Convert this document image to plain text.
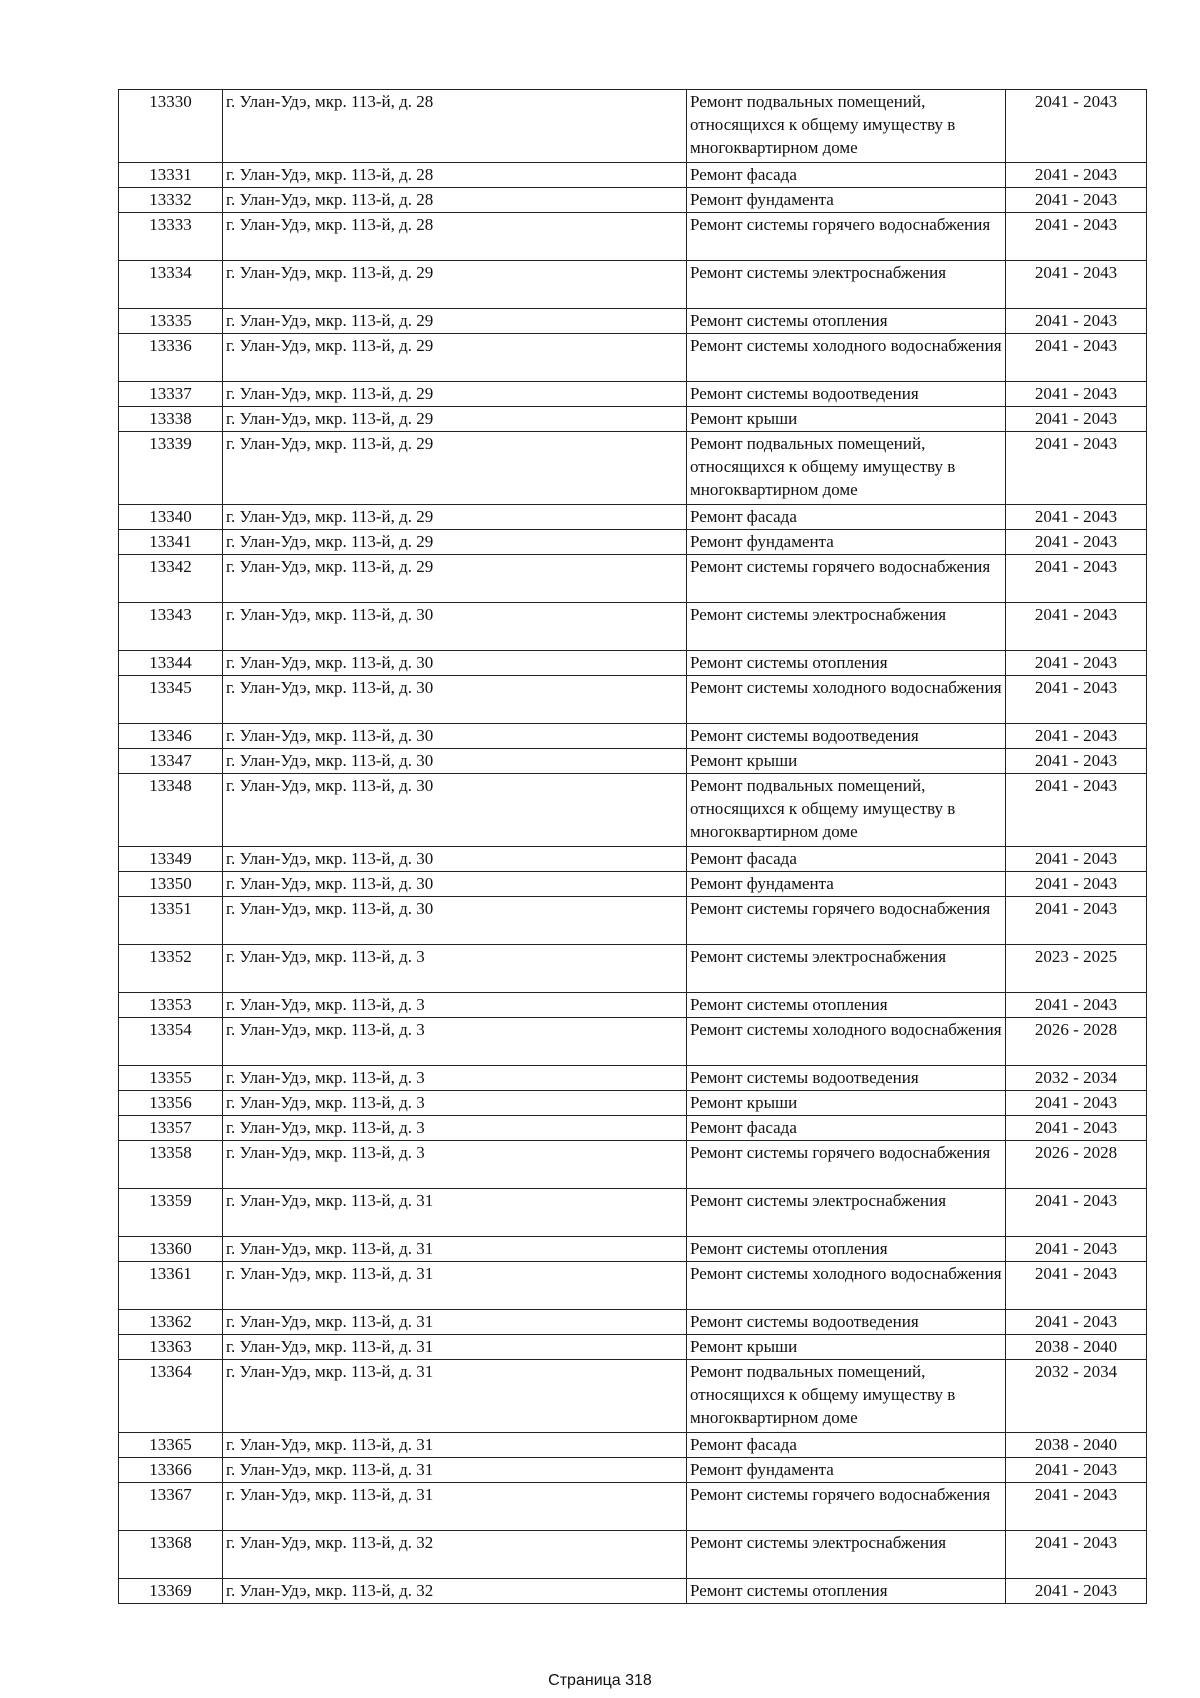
13330	г. Улан-Удэ, мкр. 113-й, д. 28	Ремонт подвальных помещений, относящихся к общему имуществу в многоквартирном доме	2041 - 2043
13331	г. Улан-Удэ, мкр. 113-й, д. 28	Ремонт фасада	2041 - 2043
13332	г. Улан-Удэ, мкр. 113-й, д. 28	Ремонт фундамента	2041 - 2043
13333	г. Улан-Удэ, мкр. 113-й, д. 28	Ремонт системы горячего водоснабжения	2041 - 2043
13334	г. Улан-Удэ, мкр. 113-й, д. 29	Ремонт системы электроснабжения	2041 - 2043
13335	г. Улан-Удэ, мкр. 113-й, д. 29	Ремонт системы отопления	2041 - 2043
13336	г. Улан-Удэ, мкр. 113-й, д. 29	Ремонт системы холодного водоснабжения	2041 - 2043
13337	г. Улан-Удэ, мкр. 113-й, д. 29	Ремонт системы водоотведения	2041 - 2043
13338	г. Улан-Удэ, мкр. 113-й, д. 29	Ремонт крыши	2041 - 2043
13339	г. Улан-Удэ, мкр. 113-й, д. 29	Ремонт подвальных помещений, относящихся к общему имуществу в многоквартирном доме	2041 - 2043
13340	г. Улан-Удэ, мкр. 113-й, д. 29	Ремонт фасада	2041 - 2043
13341	г. Улан-Удэ, мкр. 113-й, д. 29	Ремонт фундамента	2041 - 2043
13342	г. Улан-Удэ, мкр. 113-й, д. 29	Ремонт системы горячего водоснабжения	2041 - 2043
13343	г. Улан-Удэ, мкр. 113-й, д. 30	Ремонт системы электроснабжения	2041 - 2043
13344	г. Улан-Удэ, мкр. 113-й, д. 30	Ремонт системы отопления	2041 - 2043
13345	г. Улан-Удэ, мкр. 113-й, д. 30	Ремонт системы холодного водоснабжения	2041 - 2043
13346	г. Улан-Удэ, мкр. 113-й, д. 30	Ремонт системы водоотведения	2041 - 2043
13347	г. Улан-Удэ, мкр. 113-й, д. 30	Ремонт крыши	2041 - 2043
13348	г. Улан-Удэ, мкр. 113-й, д. 30	Ремонт подвальных помещений, относящихся к общему имуществу в многоквартирном доме	2041 - 2043
13349	г. Улан-Удэ, мкр. 113-й, д. 30	Ремонт фасада	2041 - 2043
13350	г. Улан-Удэ, мкр. 113-й, д. 30	Ремонт фундамента	2041 - 2043
13351	г. Улан-Удэ, мкр. 113-й, д. 30	Ремонт системы горячего водоснабжения	2041 - 2043
13352	г. Улан-Удэ, мкр. 113-й, д. 3	Ремонт системы электроснабжения	2023 - 2025
13353	г. Улан-Удэ, мкр. 113-й, д. 3	Ремонт системы отопления	2041 - 2043
13354	г. Улан-Удэ, мкр. 113-й, д. 3	Ремонт системы холодного водоснабжения	2026 - 2028
13355	г. Улан-Удэ, мкр. 113-й, д. 3	Ремонт системы водоотведения	2032 - 2034
13356	г. Улан-Удэ, мкр. 113-й, д. 3	Ремонт крыши	2041 - 2043
13357	г. Улан-Удэ, мкр. 113-й, д. 3	Ремонт фасада	2041 - 2043
13358	г. Улан-Удэ, мкр. 113-й, д. 3	Ремонт системы горячего водоснабжения	2026 - 2028
13359	г. Улан-Удэ, мкр. 113-й, д. 31	Ремонт системы электроснабжения	2041 - 2043
13360	г. Улан-Удэ, мкр. 113-й, д. 31	Ремонт системы отопления	2041 - 2043
13361	г. Улан-Удэ, мкр. 113-й, д. 31	Ремонт системы холодного водоснабжения	2041 - 2043
13362	г. Улан-Удэ, мкр. 113-й, д. 31	Ремонт системы водоотведения	2041 - 2043
13363	г. Улан-Удэ, мкр. 113-й, д. 31	Ремонт крыши	2038 - 2040
13364	г. Улан-Удэ, мкр. 113-й, д. 31	Ремонт подвальных помещений, относящихся к общему имуществу в многоквартирном доме	2032 - 2034
13365	г. Улан-Удэ, мкр. 113-й, д. 31	Ремонт фасада	2038 - 2040
13366	г. Улан-Удэ, мкр. 113-й, д. 31	Ремонт фундамента	2041 - 2043
13367	г. Улан-Удэ, мкр. 113-й, д. 31	Ремонт системы горячего водоснабжения	2041 - 2043
13368	г. Улан-Удэ, мкр. 113-й, д. 32	Ремонт системы электроснабжения	2041 - 2043
13369	г. Улан-Удэ, мкр. 113-й, д. 32	Ремонт системы отопления	2041 - 2043
Страница 318
